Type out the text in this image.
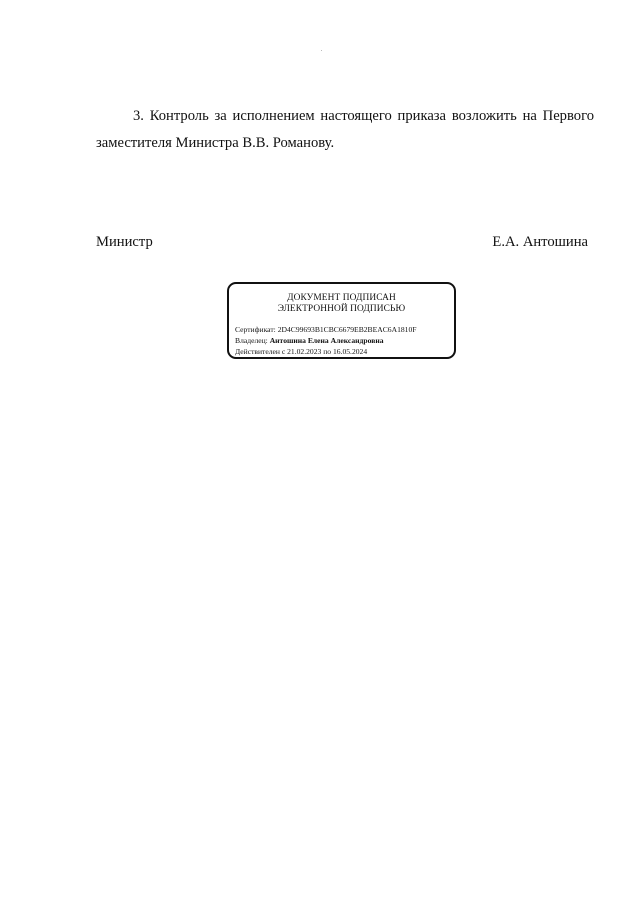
3. Контроль за исполнением настоящего приказа возложить на Первого заместителя Министра В.В. Романову.

Министр	Е.А. Антошина
ДОКУМЕНТ ПОДПИСАН
ЭЛЕКТРОННОЙ ПОДПИСЬЮ
Сертификат: 2D4C99693B1CBC6679EB2BEAC6A1810F
Владелец: Антошина Елена Александровна
Действителен с 21.02.2023 по 16.05.2024
